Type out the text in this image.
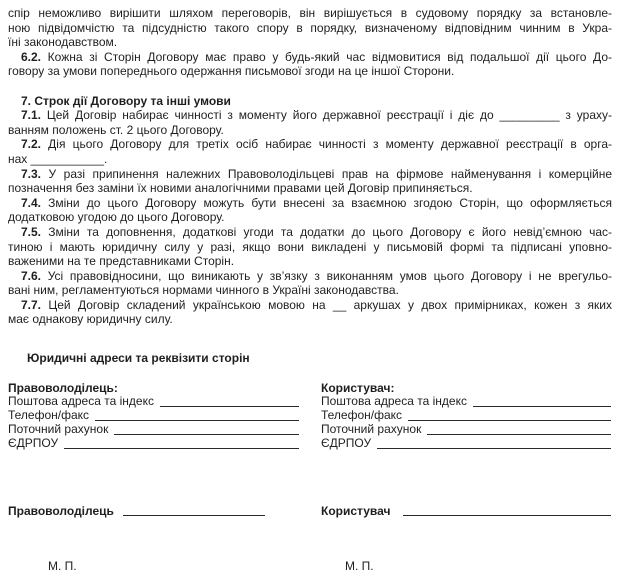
спір неможливо вирішити шляхом переговорів, він вирішується в судовому порядку за встановле-
ною підвідомчістю та підсудністю такого спору в порядку, визначеному відповідним чинним в Укра-
їні законодавством.
6.2. Кожна зі Сторін Договору має право у будь-який час відмовитися від подальшої дії цього До-
говору за умови попереднього одержання письмової згоди на це іншої Сторони.
7. Строк дії Договору та інші умови
7.1. Цей Договір набирає чинності з моменту його державної реєстрації і діє до _________ з ураху-
ванням положень ст. 2 цього Договору.
7.2. Дія цього Договору для третіх осіб набирає чинності з моменту державної реєстрації в орга-
нах ___________.
7.3. У разі припинення належних Правоволодільцеві прав на фірмове найменування і комерційне
позначення без заміни їх новими аналогічними правами цей Договір припиняється.
7.4. Зміни до цього Договору можуть бути внесені за взаємною згодою Сторін, що оформляється
додатковою угодою до цього Договору.
7.5. Зміни та доповнення, додаткові угоди та додатки до цього Договору є його невід’ємною час-
тиною і мають юридичну силу у разі, якщо вони викладені у письмовій формі та підписані уповно-
важеними на те представниками Сторін.
7.6. Усі правовідносини, що виникають у зв’язку з виконанням умов цього Договору і не врегульо-
вані ним, регламентуються нормами чинного в Україні законодавства.
7.7. Цей Договір складений українською мовою на __ аркушах у двох примірниках, кожен з яких
має однакову юридичну силу.
Юридичні адреси та реквізити сторін
Правоволоділець:
Поштова адреса та індекс
Телефон/факс
Поточний рахунок
ЄДРПОУ
Користувач:
Поштова адреса та індекс
Телефон/факс
Поточний рахунок
ЄДРПОУ
Правоволоділець	Користувач
М. П.	М. П.
